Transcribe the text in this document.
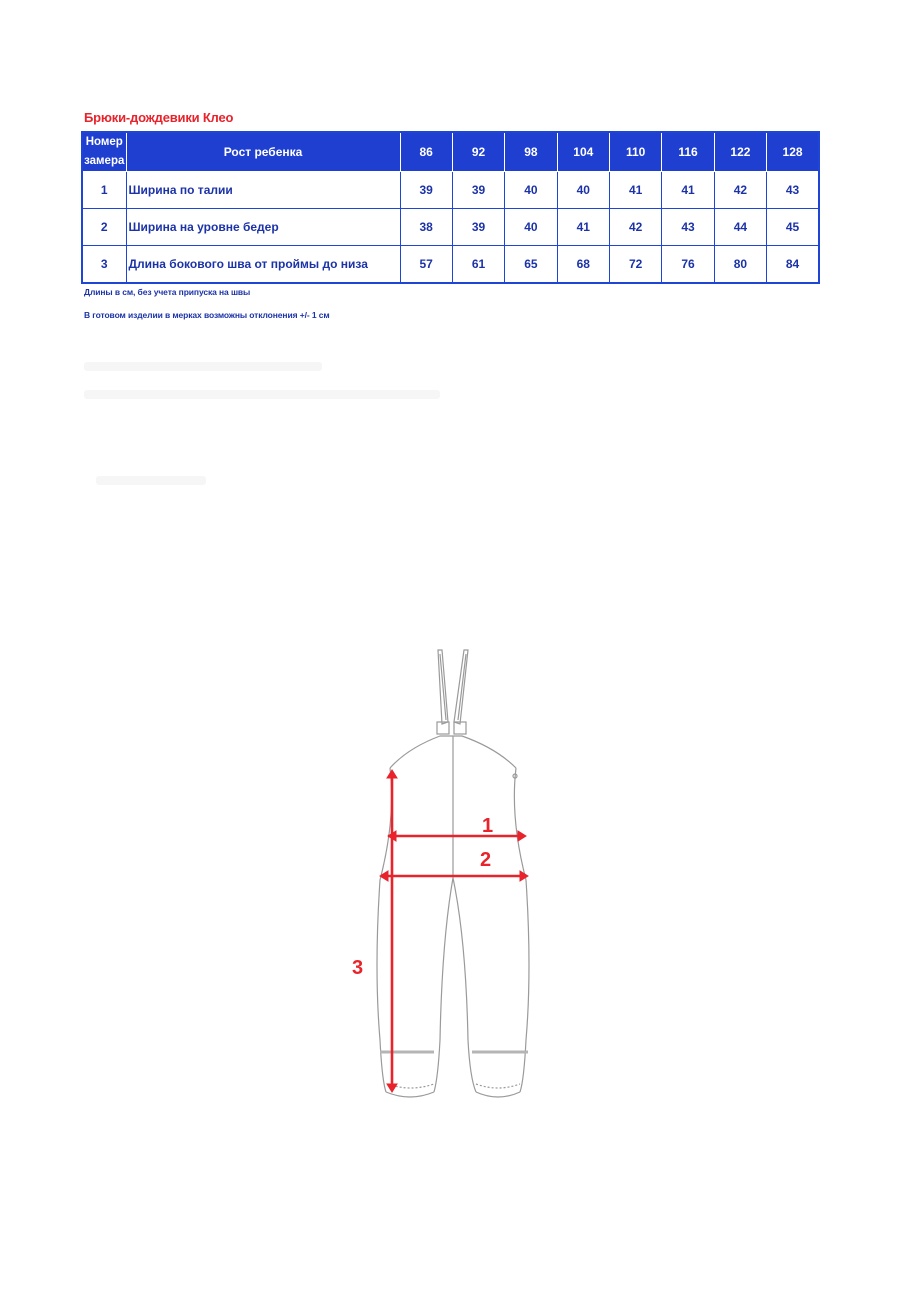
Брюки-дождевики Клео
Номер замера	Рост ребенка	86	92	98	104	110	116	122	128
1	Ширина по талии	39	39	40	40	41	41	42	43
2	Ширина на уровне бедер	38	39	40	41	42	43	44	45
3	Длина бокового шва от проймы до низа	57	61	65	68	72	76	80	84
Длины в см, без учета припуска на швы
В готовом изделии в мерках возможны отклонения +/- 1 см
1
2
3
